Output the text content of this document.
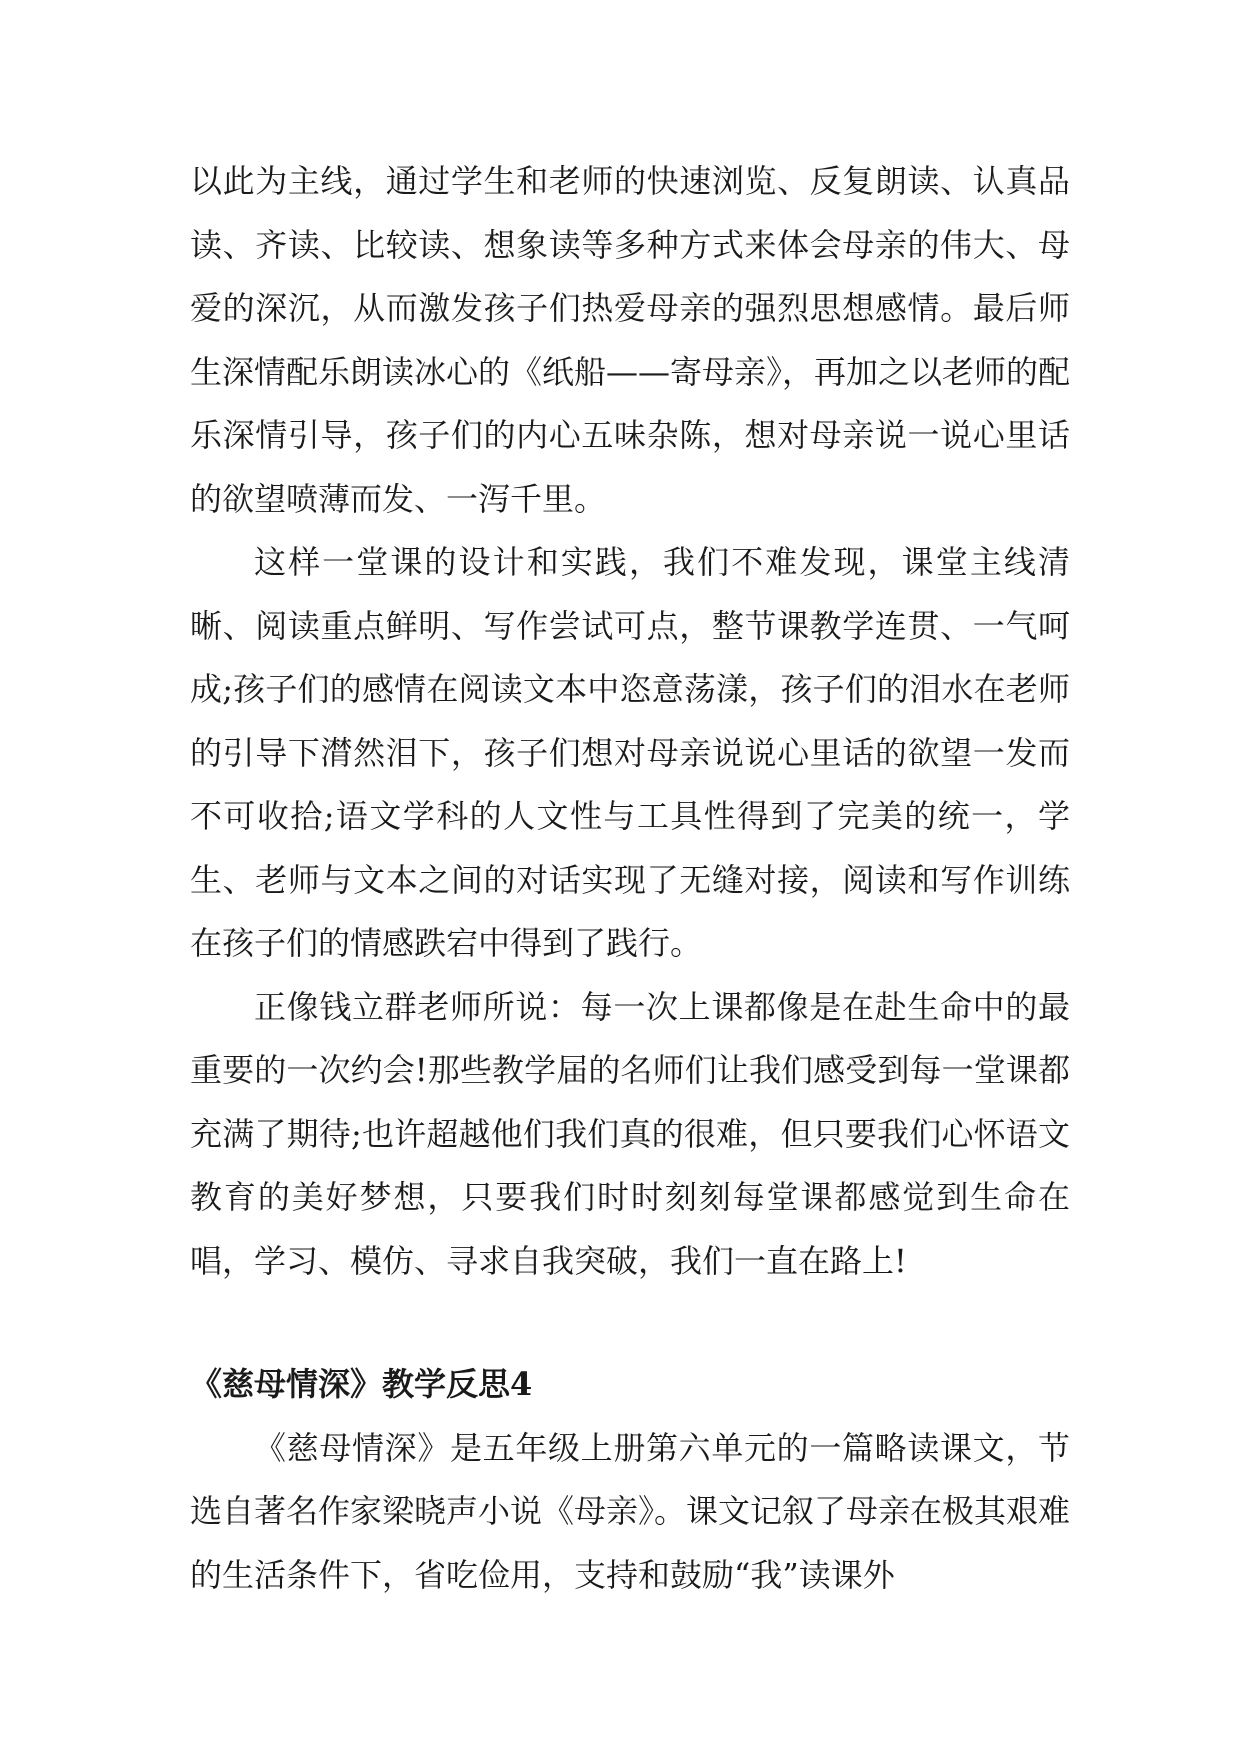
以此为主线，通过学生和老师的快速浏览、反复朗读、认真品读、齐读、比较读、想象读等多种方式来体会母亲的伟大、母爱的深沉，从而激发孩子们热爱母亲的强烈思想感情。最后师生深情配乐朗读冰心的《纸船——寄母亲》，再加之以老师的配乐深情引导，孩子们的内心五味杂陈，想对母亲说一说心里话的欲望喷薄而发、一泻千里。

这样一堂课的设计和实践，我们不难发现，课堂主线清晰、阅读重点鲜明、写作尝试可点，整节课教学连贯、一气呵成;孩子们的感情在阅读文本中恣意荡漾，孩子们的泪水在老师的引导下潸然泪下，孩子们想对母亲说说心里话的欲望一发而不可收拾;语文学科的人文性与工具性得到了完美的统一，学生、老师与文本之间的对话实现了无缝对接，阅读和写作训练在孩子们的情感跌宕中得到了践行。

正像钱立群老师所说：每一次上课都像是在赴生命中的最重要的一次约会!那些教学届的名师们让我们感受到每一堂课都充满了期待;也许超越他们我们真的很难，但只要我们心怀语文教育的美好梦想，只要我们时时刻刻每堂课都感觉到生命在唱，学习、模仿、寻求自我突破，我们一直在路上!

《慈母情深》教学反思4

《慈母情深》是五年级上册第六单元的一篇略读课文，节选自著名作家梁晓声小说《母亲》。课文记叙了母亲在极其艰难的生活条件下，省吃俭用，支持和鼓励“我”读课外
